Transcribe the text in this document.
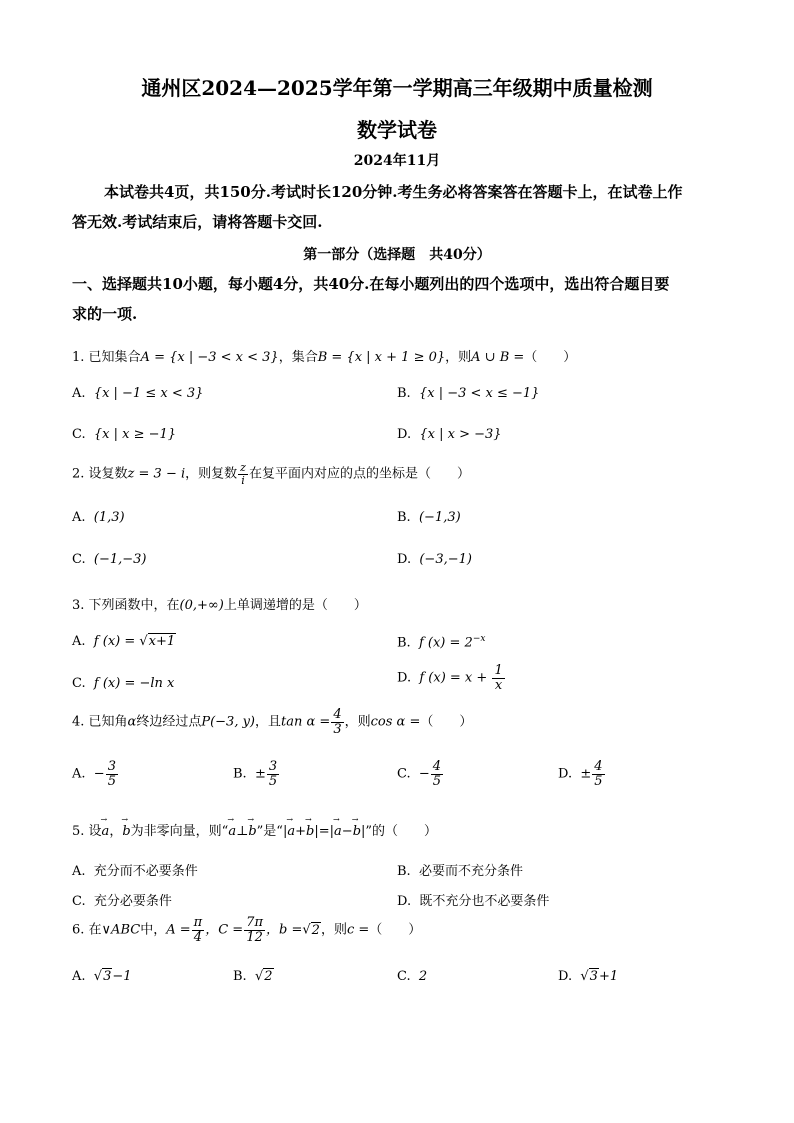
通州区2024—2025学年第一学期高三年级期中质量检测
数学试卷
2024年11月
本试卷共4页，共150分.考试时长120分钟.考生务必将答案答在答题卡上，在试卷上作
答无效.考试结束后，请将答题卡交回.
第一部分（选择题　共40分）
一、选择题共10小题，每小题4分，共40分.在每小题列出的四个选项中，选出符合题目要
求的一项.
1. 已知集合A = {x | −3 < x < 3}，集合B = {x | x + 1 ≥ 0}，则A ∪ B =（　　）
A. {x | −1 ≤ x < 3}	B. {x | −3 < x ≤ −1}
C. {x | x ≥ −1}	D. {x | x > −3}
2. 设复数z = 3 − i，则复数 $\frac{z}{i}$ 在复平面内对应的点的坐标是（　　）
A. (1,3)	B. (−1,3)
C. (−1,−3)	D. (−3,−1)
3. 下列函数中，在(0,+∞)上单调递增的是（　　）
A. f (x) = √x+1	B. f $(x) = 2^{-x}$
C. f (x) = −ln x	D. f $(x) = x + \frac{1}{x}$
4. 已知角α终边经过点P(−3, y)，且$\tan \alpha = \frac{4}{3}$ ，则cos α =（　　）
A. − $\frac{3}{5}$	B. ± $\frac{3}{5}$	C. − $\frac{4}{5}$	D. ± $\frac{4}{5}$
5. 设→ a，→ b为非零向量，则“→ a⊥→ b”是“|→ a+→ b|=|→ a−→ b|”的（　　）
A. 充分而不必要条件	B. 必要而不充分条件
C. 充分必要条件	D. 既不充分也不必要条件
6. 在∨ABC中，$A = \frac{\pi}{4}$ ，$C = \frac{7\pi}{12}$ ，b =√2，则c =（　　）
A. √3−1	B. √2	C. 2	D. √3+1
